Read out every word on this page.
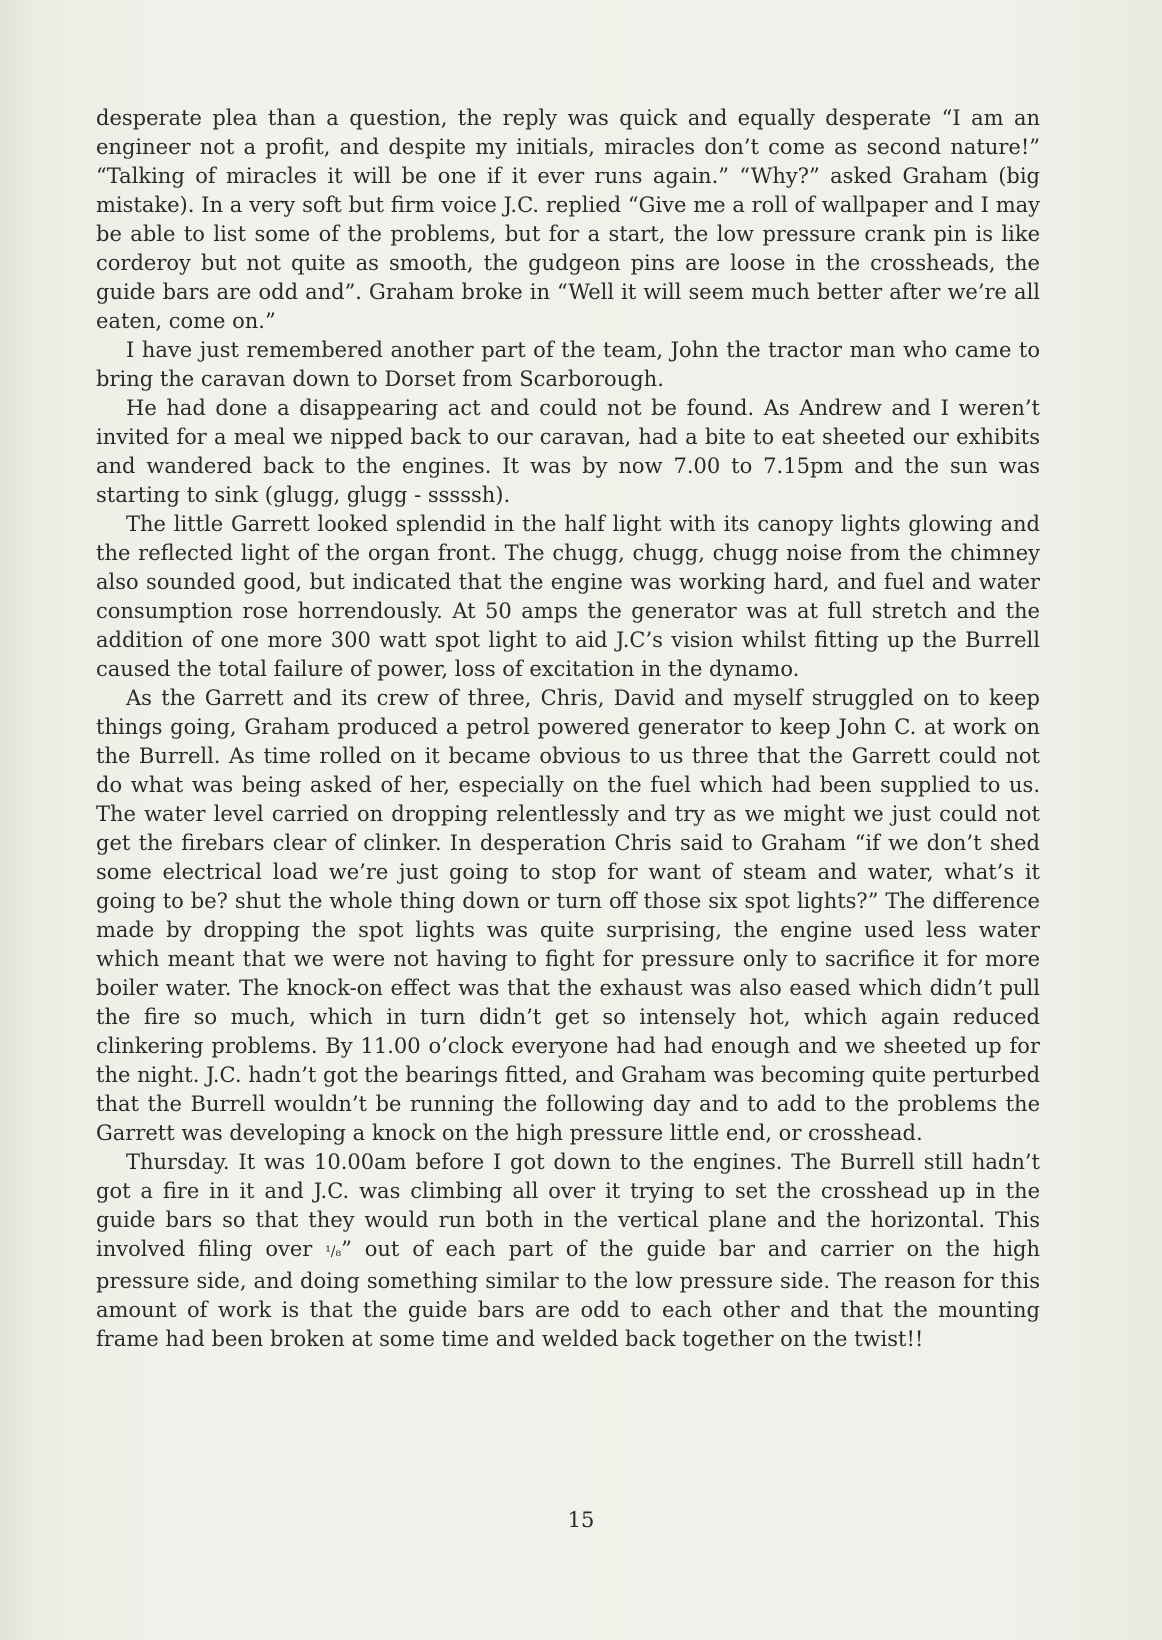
desperate plea than a question, the reply was quick and equally desperate “I am an engineer not a profit, and despite my initials, miracles don’t come as second nature!” “Talking of miracles it will be one if it ever runs again.” “Why?” asked Graham (big mistake). In a very soft but firm voice J.C. replied “Give me a roll of wallpaper and I may be able to list some of the problems, but for a start, the low pressure crank pin is like corderoy but not quite as smooth, the gudgeon pins are loose in the crossheads, the guide bars are odd and”. Graham broke in “Well it will seem much better after we’re all eaten, come on.”

I have just remembered another part of the team, John the tractor man who came to bring the caravan down to Dorset from Scarborough.

He had done a disappearing act and could not be found. As Andrew and I weren’t invited for a meal we nipped back to our caravan, had a bite to eat sheeted our exhibits and wandered back to the engines. It was by now 7.00 to 7.15pm and the sun was starting to sink (glugg, glugg - sssssh).

The little Garrett looked splendid in the half light with its canopy lights glowing and the reflected light of the organ front. The chugg, chugg, chugg noise from the chimney also sounded good, but indicated that the engine was working hard, and fuel and water consumption rose horrendously. At 50 amps the generator was at full stretch and the addition of one more 300 watt spot light to aid J.C’s vision whilst fitting up the Burrell caused the total failure of power, loss of excitation in the dynamo.

As the Garrett and its crew of three, Chris, David and myself struggled on to keep things going, Graham produced a petrol powered generator to keep John C. at work on the Burrell. As time rolled on it became obvious to us three that the Garrett could not do what was being asked of her, especially on the fuel which had been supplied to us. The water level carried on dropping relentlessly and try as we might we just could not get the firebars clear of clinker. In desperation Chris said to Graham “if we don’t shed some electrical load we’re just going to stop for want of steam and water, what’s it going to be? shut the whole thing down or turn off those six spot lights?” The difference made by dropping the spot lights was quite surprising, the engine used less water which meant that we were not having to fight for pressure only to sacrifice it for more boiler water. The knock-on effect was that the exhaust was also eased which didn’t pull the fire so much, which in turn didn’t get so intensely hot, which again reduced clinkering problems. By 11.00 o’clock everyone had had enough and we sheeted up for the night. J.C. hadn’t got the bearings fitted, and Graham was becoming quite perturbed that the Burrell wouldn’t be running the following day and to add to the problems the Garrett was developing a knock on the high pressure little end, or crosshead.

Thursday. It was 10.00am before I got down to the engines. The Burrell still hadn’t got a fire in it and J.C. was climbing all over it trying to set the crosshead up in the guide bars so that they would run both in the vertical plane and the horizontal. This involved filing over ¹/₈” out of each part of the guide bar and carrier on the high pressure side, and doing something similar to the low pressure side. The reason for this amount of work is that the guide bars are odd to each other and that the mounting frame had been broken at some time and welded back together on the twist!!

15
